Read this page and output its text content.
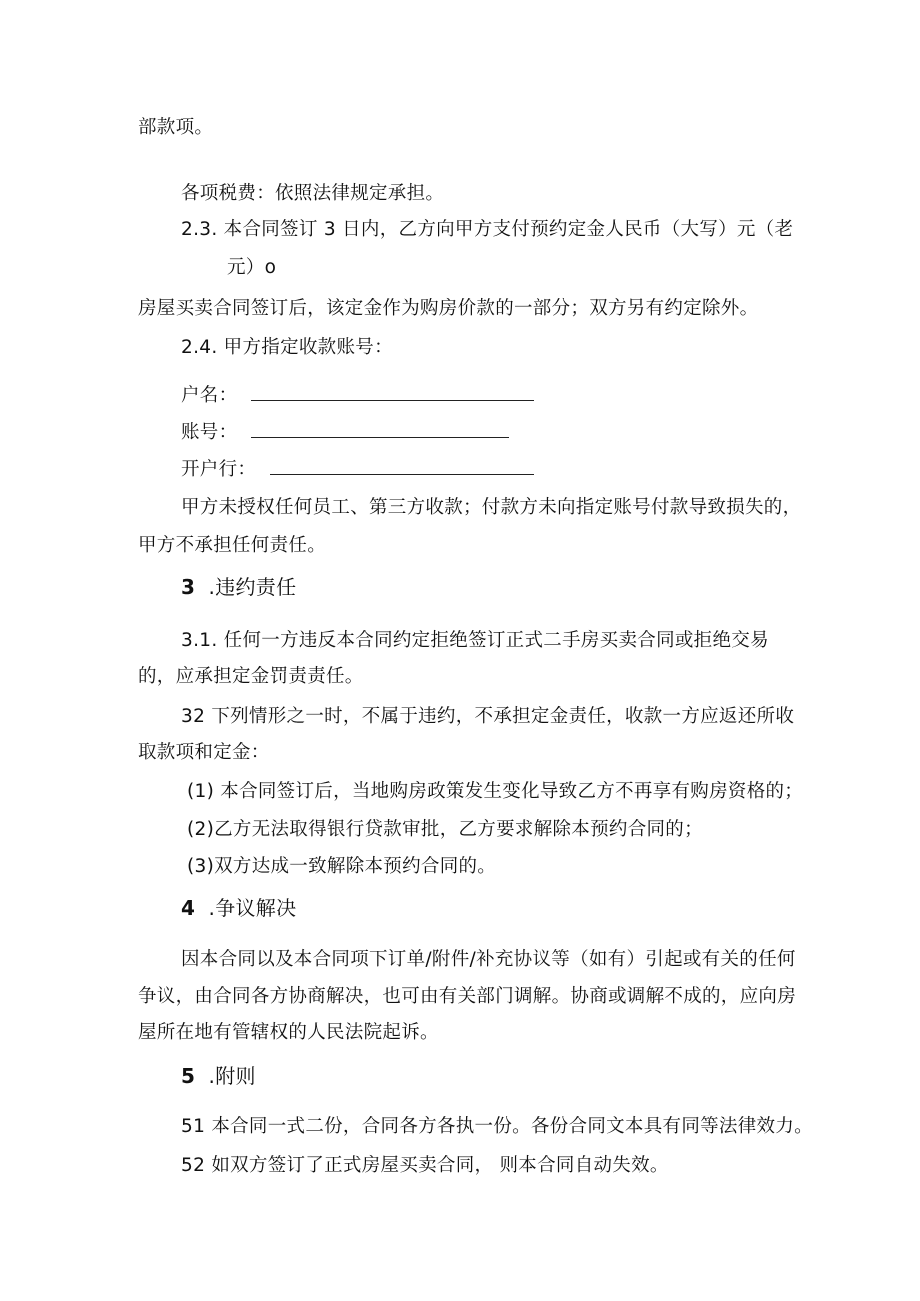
部款项。
各项税费：依照法律规定承担。
2.3. 本合同签订 3 日内，乙方向甲方支付预约定金人民币（大写）元（老
元）o
房屋买卖合同签订后，该定金作为购房价款的一部分；双方另有约定除外。
2.4. 甲方指定收款账号：
户名：
账号：
开户行：
甲方未授权任何员工、第三方收款；付款方未向指定账号付款导致损失的，
甲方不承担任何责任。
3 .违约责任
3.1. 任何一方违反本合同约定拒绝签订正式二手房买卖合同或拒绝交易
的，应承担定金罚责责任。
32 下列情形之一时，不属于违约，不承担定金责任，收款一方应返还所收
取款项和定金：
(1) 本合同签订后，当地购房政策发生变化导致乙方不再享有购房资格的；
(2)乙方无法取得银行贷款审批，乙方要求解除本预约合同的；
(3)双方达成一致解除本预约合同的。
4 .争议解决
因本合同以及本合同项下订单/附件/补充协议等（如有）引起或有关的任何
争议，由合同各方协商解决，也可由有关部门调解。协商或调解不成的，应向房
屋所在地有管辖权的人民法院起诉。
5 .附则
51 本合同一式二份，合同各方各执一份。各份合同文本具有同等法律效力。
52 如双方签订了正式房屋买卖合同， 则本合同自动失效。
